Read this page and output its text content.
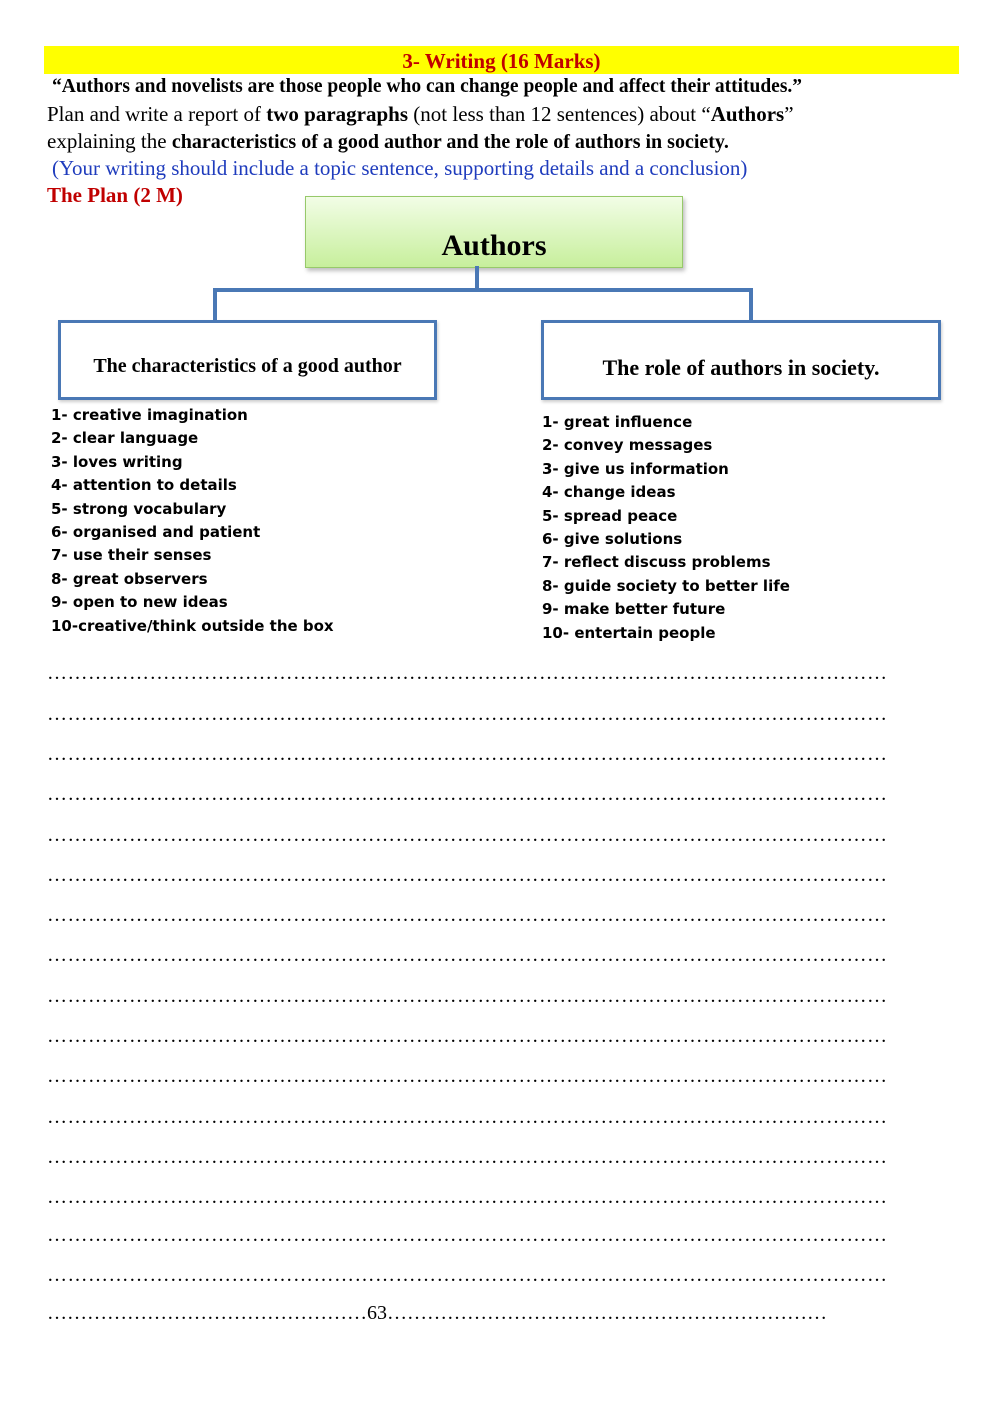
3- Writing (16 Marks)
“Authors and novelists are those people who can change people and affect their attitudes.”
Plan and write a report of two paragraphs (not less than 12 sentences) about “Authors”
explaining the characteristics of a good author and the role of authors in society.
(Your writing should include a topic sentence, supporting details and a conclusion)
The Plan (2 M)
Authors
The characteristics of a good author	The role of authors in society.
1- creative imagination
2- clear language
3- loves writing
4- attention to details
5- strong vocabulary
6- organised and patient
7- use their senses
8- great observers
9- open to new ideas
10-creative/think outside the box
1- great influence
2- convey messages
3- give us information
4- change ideas
5- spread peace
6- give solutions
7- reflect discuss problems
8- guide society to better life
9- make better future
10- entertain people
……………………………………………………………………………………………………………
……………………………………………………………………………………………………………
……………………………………………………………………………………………………………
……………………………………………………………………………………………………………
……………………………………………………………………………………………………………
……………………………………………………………………………………………………………
……………………………………………………………………………………………………………
……………………………………………………………………………………………………………
……………………………………………………………………………………………………………
……………………………………………………………………………………………………………
……………………………………………………………………………………………………………
……………………………………………………………………………………………………………
……………………………………………………………………………………………………………
……………………………………………………………………………………………………………
……………………………………………………………………………………………………………
……………………………………………………………………………………………………………
…………………………………………63…………………………………………………………
